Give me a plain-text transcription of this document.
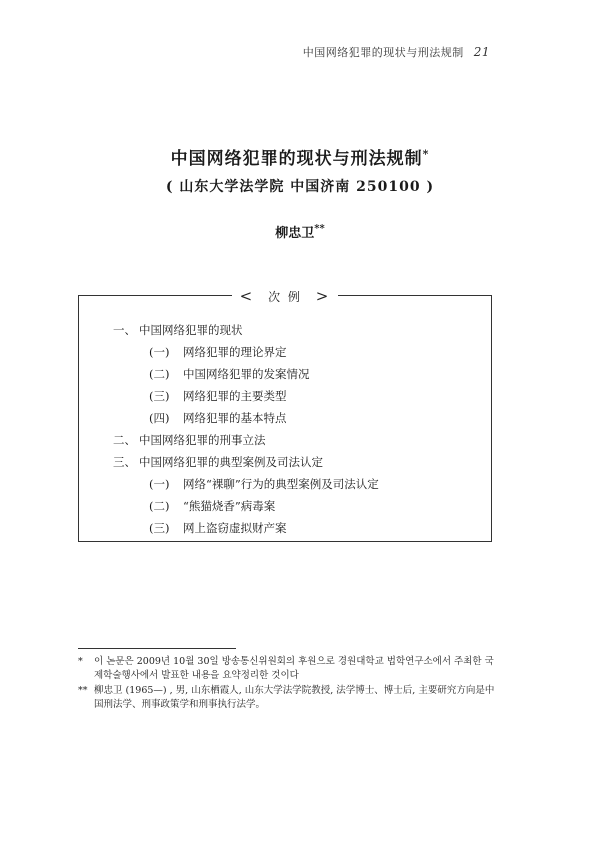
中国网络犯罪的现状与刑法规制 21
中国网络犯罪的现状与刑法规制*
( 山东大学法学院 中国济南 250100 )
柳忠卫**
< 次 例 >
一、 中国网络犯罪的现状
(一) 网络犯罪的理论界定
(二) 中国网络犯罪的发案情况
(三) 网络犯罪的主要类型
(四) 网络犯罪的基本特点
二、 中国网络犯罪的刑事立法
三、 中国网络犯罪的典型案例及司法认定
(一) 网络“裸聊”行为的典型案例及司法认定
(二) “熊猫烧香”病毒案
(三) 网上盗窃虚拟财产案
* 이 논문은 2009년 10월 30일 방송통신위원회의 후원으로 경원대학교 법학연구소에서 주최한 국제학술행사에서 발표한 내용을 요약정리한 것이다
** 柳忠卫 (1965—) , 男, 山东栖霞人, 山东大学法学院教授, 法学博士、博士后, 主要研究方向是中国刑法学、刑事政策学和刑事执行法学。
